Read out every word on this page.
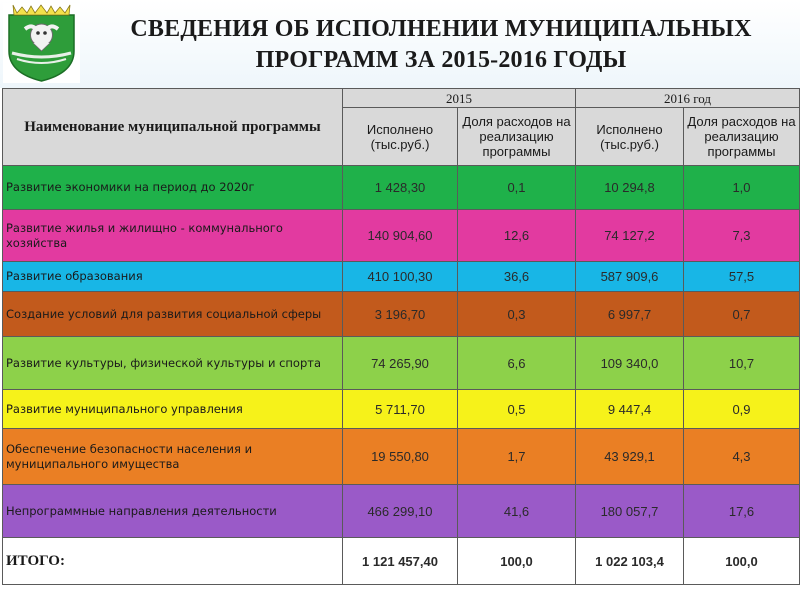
СВЕДЕНИЯ ОБ ИСПОЛНЕНИИ МУНИЦИПАЛЬНЫХ
ПРОГРАММ ЗА 2015-2016 ГОДЫ
Наименование муниципальной программы	2015		2016 год	
	Исполнено (тыс.руб.)	Доля расходов на реализацию программы	Исполнено (тыс.руб.)	Доля расходов на реализацию программы
Развитие экономики на период до 2020г	1 428,30	0,1	10 294,8	1,0
Развитие жилья и жилищно - коммунального хозяйства	140 904,60	12,6	74 127,2	7,3
Развитие образования	410 100,30	36,6	587 909,6	57,5
Создание условий для развития социальной сферы	3 196,70	0,3	6 997,7	0,7
Развитие культуры, физической культуры и спорта	74 265,90	6,6	109 340,0	10,7
Развитие муниципального управления	5 711,70	0,5	9 447,4	0,9
Обеспечение безопасности населения и муниципального имущества	19 550,80	1,7	43 929,1	4,3
Непрограммные направления деятельности	466 299,10	41,6	180 057,7	17,6
ИТОГО:	1 121 457,40	100,0	1 022 103,4	100,0
